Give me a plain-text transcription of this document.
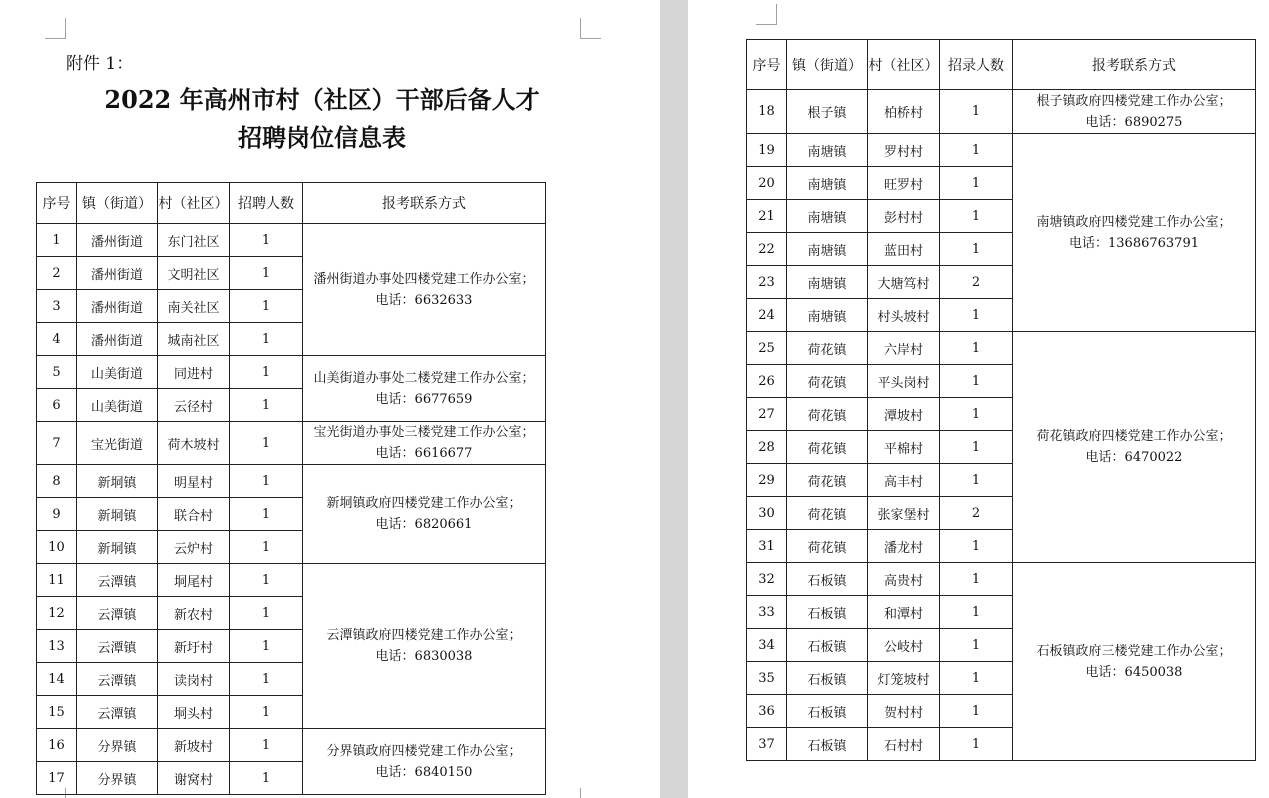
附件 1：
2022 年高州市村（社区）干部后备人才
招聘岗位信息表
序号	镇（街道）	村（社区）	招聘人数	报考联系方式
1	潘州街道	东门社区	1	潘州街道办事处四楼党建工作办公室；
电话：6632633

2	潘州街道	文明社区	1	
3	潘州街道	南关社区	1	
4	潘州街道	城南社区	1	
5	山美街道	同进村	1	山美街道办事处二楼党建工作办公室；
电话：6677659

6	山美街道	云径村	1	
7	宝光街道	荷木坡村	1	宝光街道办事处三楼党建工作办公室；
电话：6616677

8	新垌镇	明星村	1	新垌镇政府四楼党建工作办公室；
电话：6820661

9	新垌镇	联合村	1	
10	新垌镇	云炉村	1	
11	云潭镇	垌尾村	1	云潭镇政府四楼党建工作办公室；
电话：6830038

12	云潭镇	新农村	1	
13	云潭镇	新圩村	1	
14	云潭镇	读岗村	1	
15	云潭镇	垌头村	1	
16	分界镇	新坡村	1	分界镇政府四楼党建工作办公室；
电话：6840150

17	分界镇	谢窝村	1	
序号	镇（街道）	村（社区）	招录人数	报考联系方式
18	根子镇	柏桥村	1	根子镇政府四楼党建工作办公室；
电话：6890275

19	南塘镇	罗村村	1	南塘镇政府四楼党建工作办公室；
电话：13686763791

20	南塘镇	旺罗村	1	
21	南塘镇	彭村村	1	
22	南塘镇	蓝田村	1	
23	南塘镇	大塘笃村	2	
24	南塘镇	村头坡村	1	
25	荷花镇	六岸村	1	荷花镇政府四楼党建工作办公室；
电话：6470022

26	荷花镇	平头岗村	1	
27	荷花镇	潭坡村	1	
28	荷花镇	平棉村	1	
29	荷花镇	高丰村	1	
30	荷花镇	张家堡村	2	
31	荷花镇	潘龙村	1	
32	石板镇	高贵村	1	石板镇政府三楼党建工作办公室；
电话：6450038

33	石板镇	和潭村	1	
34	石板镇	公岐村	1	
35	石板镇	灯笼坡村	1	
36	石板镇	贺村村	1	
37	石板镇	石村村	1	
